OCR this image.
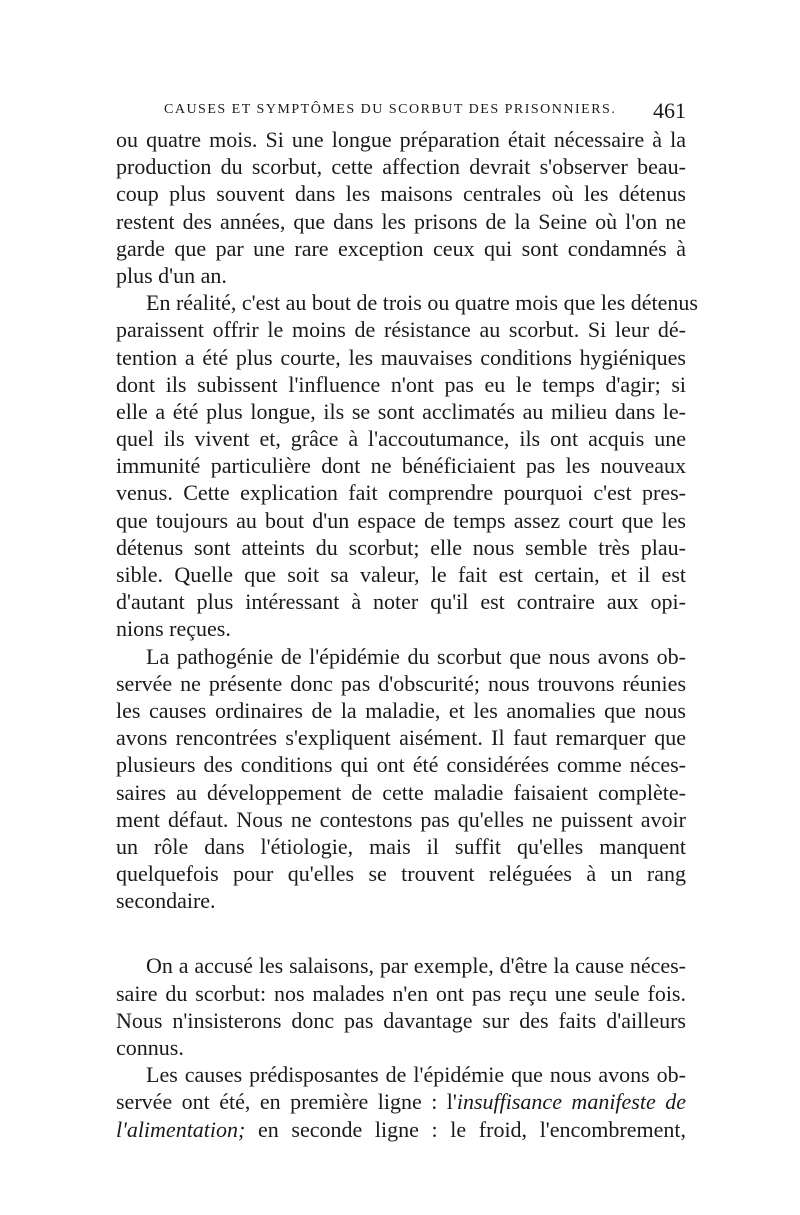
CAUSES ET SYMPTÔMES DU SCORBUT DES PRISONNIERS. 461
ou quatre mois. Si une longue préparation était nécessaire à la
production du scorbut, cette affection devrait s'observer beau-
coup plus souvent dans les maisons centrales où les détenus
restent des années, que dans les prisons de la Seine où l'on ne
garde que par une rare exception ceux qui sont condamnés à
plus d'un an.
En réalité, c'est au bout de trois ou quatre mois que les détenus
paraissent offrir le moins de résistance au scorbut. Si leur dé-
tention a été plus courte, les mauvaises conditions hygiéniques
dont ils subissent l'influence n'ont pas eu le temps d'agir; si
elle a été plus longue, ils se sont acclimatés au milieu dans le-
quel ils vivent et, grâce à l'accoutumance, ils ont acquis une
immunité particulière dont ne bénéficiaient pas les nouveaux
venus. Cette explication fait comprendre pourquoi c'est pres-
que toujours au bout d'un espace de temps assez court que les
détenus sont atteints du scorbut; elle nous semble très plau-
sible. Quelle que soit sa valeur, le fait est certain, et il est
d'autant plus intéressant à noter qu'il est contraire aux opi-
nions reçues.
La pathogénie de l'épidémie du scorbut que nous avons ob-
servée ne présente donc pas d'obscurité; nous trouvons réunies
les causes ordinaires de la maladie, et les anomalies que nous
avons rencontrées s'expliquent aisément. Il faut remarquer que
plusieurs des conditions qui ont été considérées comme néces-
saires au développement de cette maladie faisaient complète-
ment défaut. Nous ne contestons pas qu'elles ne puissent avoir
un rôle dans l'étiologie, mais il suffit qu'elles manquent
quelquefois pour qu'elles se trouvent reléguées à un rang
secondaire.
On a accusé les salaisons, par exemple, d'être la cause néces-
saire du scorbut: nos malades n'en ont pas reçu une seule fois.
Nous n'insisterons donc pas davantage sur des faits d'ailleurs
connus.
Les causes prédisposantes de l'épidémie que nous avons ob-
servée ont été, en première ligne : l'insuffisance manifeste de
l'alimentation; en seconde ligne : le froid, l'encombrement,
